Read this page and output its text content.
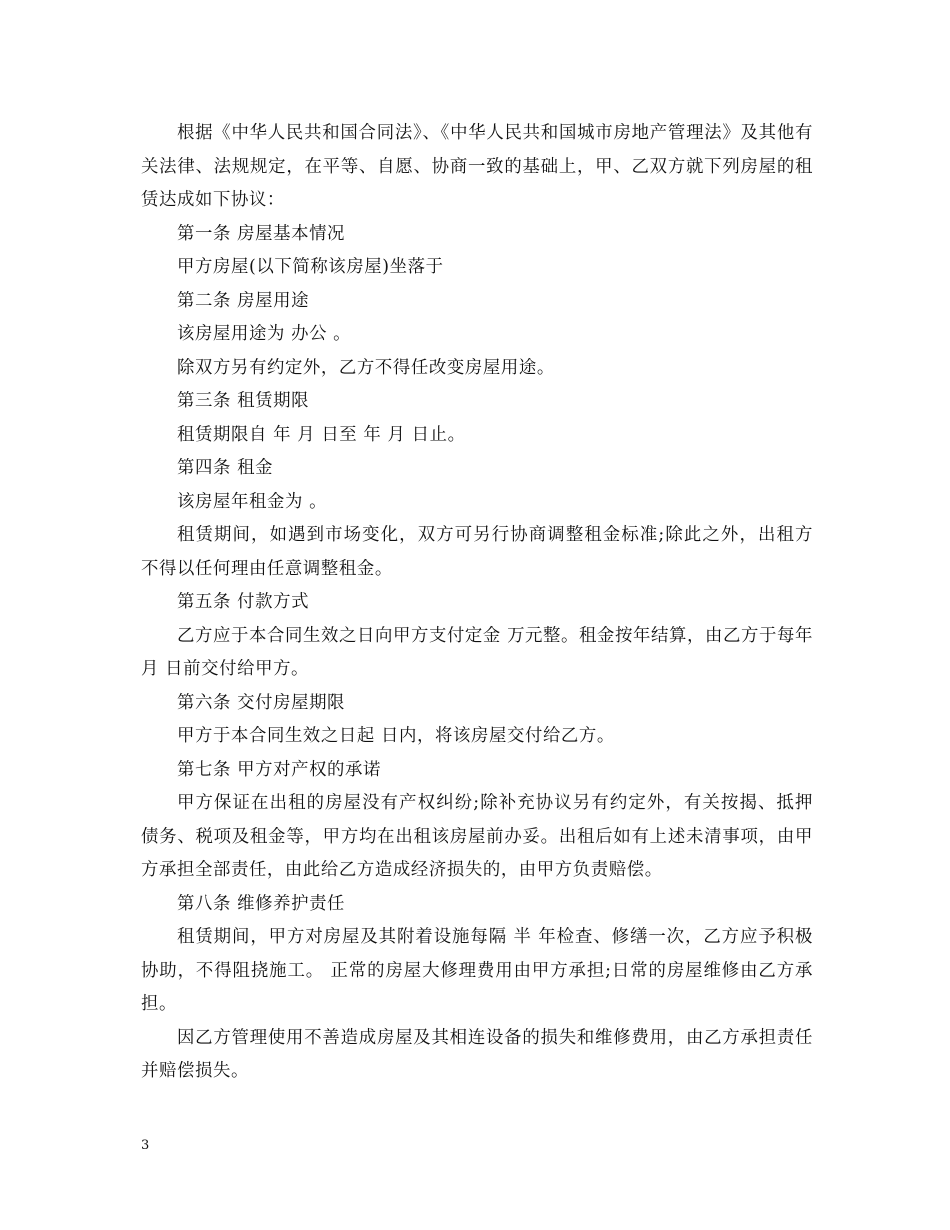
根据《中华人民共和国合同法》、《中华人民共和国城市房地产管理法》及其他有关法律、法规规定，在平等、自愿、协商一致的基础上，甲、乙双方就下列房屋的租赁达成如下协议：

第一条 房屋基本情况

甲方房屋(以下简称该房屋)坐落于

第二条 房屋用途

该房屋用途为 办公 。

除双方另有约定外，乙方不得任改变房屋用途。

第三条 租赁期限

租赁期限自 年 月 日至 年 月 日止。

第四条 租金

该房屋年租金为 。

租赁期间，如遇到市场变化，双方可另行协商调整租金标准;除此之外，出租方不得以任何理由任意调整租金。

第五条 付款方式

乙方应于本合同生效之日向甲方支付定金 万元整。租金按年结算，由乙方于每年 月 日前交付给甲方。

第六条 交付房屋期限

甲方于本合同生效之日起 日内，将该房屋交付给乙方。

第七条 甲方对产权的承诺

甲方保证在出租的房屋没有产权纠纷;除补充协议另有约定外，有关按揭、抵押债务、税项及租金等，甲方均在出租该房屋前办妥。出租后如有上述未清事项，由甲方承担全部责任，由此给乙方造成经济损失的，由甲方负责赔偿。

第八条 维修养护责任

租赁期间，甲方对房屋及其附着设施每隔 半 年检查、修缮一次，乙方应予积极协助，不得阻挠施工。 正常的房屋大修理费用由甲方承担;日常的房屋维修由乙方承担。

因乙方管理使用不善造成房屋及其相连设备的损失和维修费用，由乙方承担责任并赔偿损失。

3
